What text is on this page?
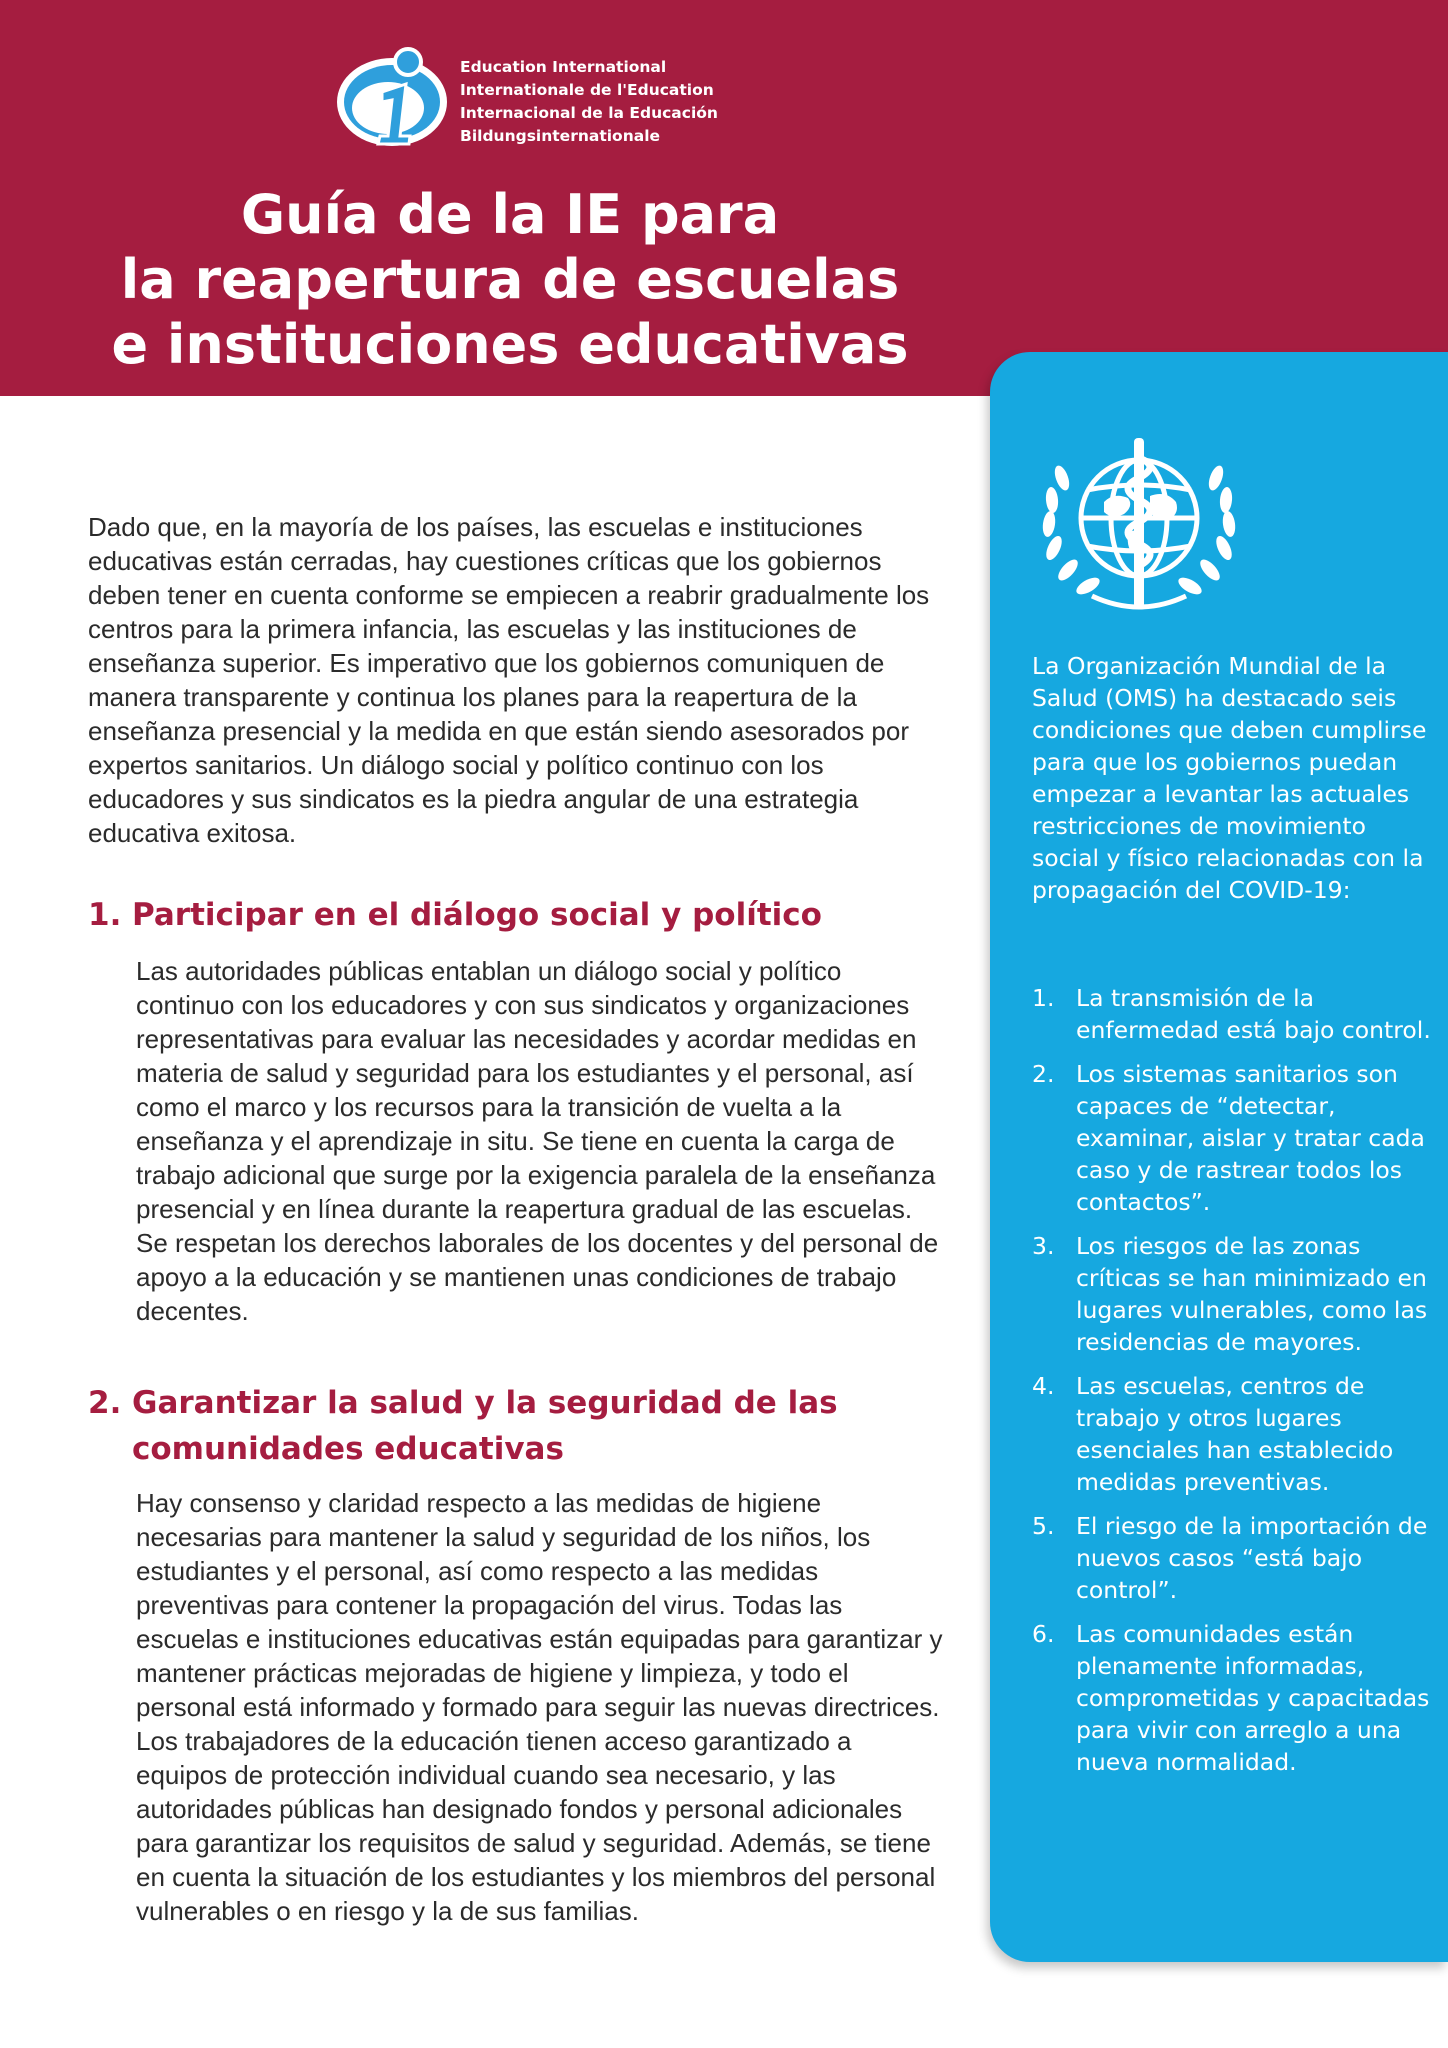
Education International
Internationale de l'Education
Internacional de la Educación
Bildungsinternationale
Guía de la IE para
la reapertura de escuelas
e instituciones educativas
Dado que, en la mayoría de los países, las escuelas e instituciones educativas están cerradas, hay cuestiones críticas que los gobiernos deben tener en cuenta conforme se empiecen a reabrir gradualmente los centros para la primera infancia, las escuelas y las instituciones de enseñanza superior. Es imperativo que los gobiernos comuniquen de manera transparente y continua los planes para la reapertura de la enseñanza presencial y la medida en que están siendo asesorados por expertos sanitarios. Un diálogo social y político continuo con los educadores y sus sindicatos es la piedra angular de una estrategia educativa exitosa.
1. Participar en el diálogo social y político
Las autoridades públicas entablan un diálogo social y político continuo con los educadores y con sus sindicatos y organizaciones representativas para evaluar las necesidades y acordar medidas en materia de salud y seguridad para los estudiantes y el personal, así como el marco y los recursos para la transición de vuelta a la enseñanza y el aprendizaje in situ. Se tiene en cuenta la carga de trabajo adicional que surge por la exigencia paralela de la enseñanza presencial y en línea durante la reapertura gradual de las escuelas. Se respetan los derechos laborales de los docentes y del personal de apoyo a la educación y se mantienen unas condiciones de trabajo decentes.
2. Garantizar la salud y la seguridad de las
comunidades educativas
Hay consenso y claridad respecto a las medidas de higiene necesarias para mantener la salud y seguridad de los niños, los estudiantes y el personal, así como respecto a las medidas preventivas para contener la propagación del virus. Todas las escuelas e instituciones educativas están equipadas para garantizar y mantener prácticas mejoradas de higiene y limpieza, y todo el personal está informado y formado para seguir las nuevas directrices. Los trabajadores de la educación tienen acceso garantizado a equipos de protección individual cuando sea necesario, y las autoridades públicas han designado fondos y personal adicionales para garantizar los requisitos de salud y seguridad. Además, se tiene en cuenta la situación de los estudiantes y los miembros del personal vulnerables o en riesgo y la de sus familias.
La Organización Mundial de la Salud (OMS) ha destacado seis condiciones que deben cumplirse para que los gobiernos puedan empezar a levantar las actuales restricciones de movimiento social y físico relacionadas con la propagación del COVID-19:
1. La transmisión de la enfermedad está bajo control.
2. Los sistemas sanitarios son capaces de “detectar, examinar, aislar y tratar cada caso y de rastrear todos los contactos”.
3. Los riesgos de las zonas críticas se han minimizado en lugares vulnerables, como las residencias de mayores.
4. Las escuelas, centros de trabajo y otros lugares esenciales han establecido medidas preventivas.
5. El riesgo de la importación de nuevos casos “está bajo control”.
6. Las comunidades están plenamente informadas, comprometidas y capacitadas para vivir con arreglo a una nueva normalidad.
